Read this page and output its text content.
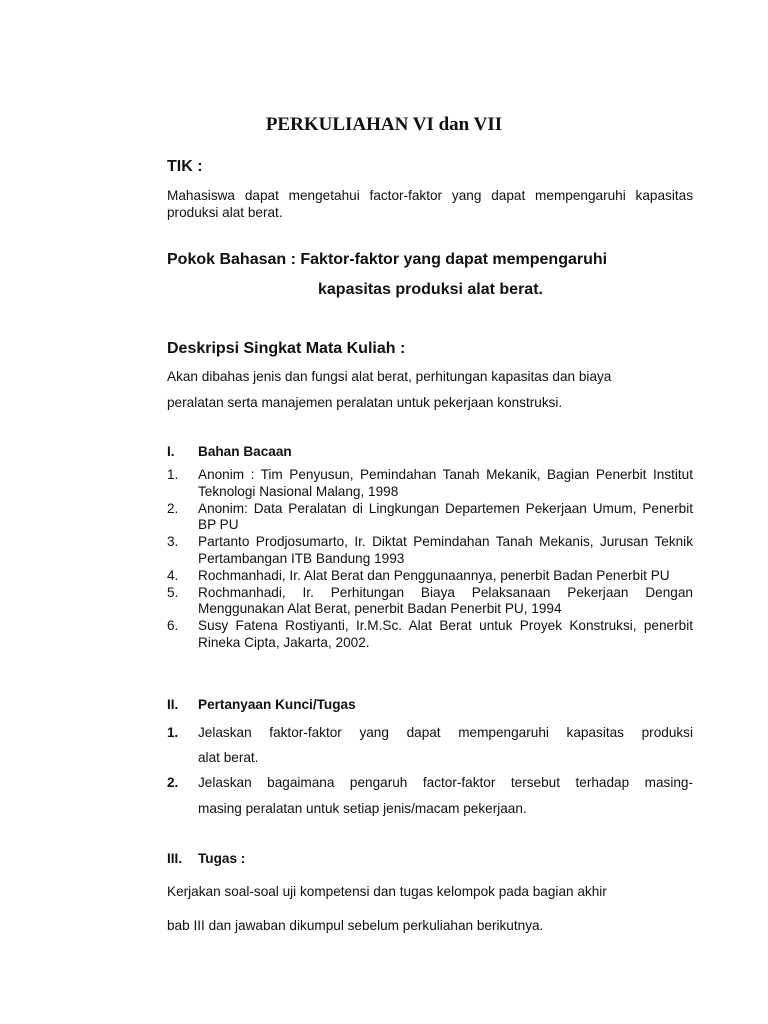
PERKULIAHAN VI dan VII
TIK :
Mahasiswa dapat mengetahui factor-faktor yang dapat mempengaruhi kapasitas produksi alat berat.
Pokok Bahasan : Faktor-faktor yang dapat mempengaruhi
kapasitas produksi alat berat.
Deskripsi Singkat Mata Kuliah :
Akan dibahas jenis dan fungsi alat berat, perhitungan kapasitas dan biaya
peralatan serta manajemen peralatan untuk pekerjaan konstruksi.
I. Bahan Bacaan
1.	Anonim : Tim Penyusun, Pemindahan Tanah Mekanik, Bagian Penerbit Institut Teknologi Nasional Malang, 1998
2.	Anonim: Data Peralatan di Lingkungan Departemen Pekerjaan Umum, Penerbit BP PU
3.	Partanto Prodjosumarto, Ir. Diktat Pemindahan Tanah Mekanis, Jurusan Teknik Pertambangan ITB Bandung 1993
4.	Rochmanhadi, Ir. Alat Berat dan Penggunaannya, penerbit Badan Penerbit PU
5.	Rochmanhadi, Ir. Perhitungan Biaya Pelaksanaan Pekerjaan Dengan Menggunakan Alat Berat, penerbit Badan Penerbit PU, 1994
6.	Susy Fatena Rostiyanti, Ir.M.Sc. Alat Berat untuk Proyek Konstruksi, penerbit Rineka Cipta, Jakarta, 2002.
II. Pertanyaan Kunci/Tugas
1. Jelaskan faktor-faktor yang dapat mempengaruhi kapasitas produksi
alat berat.
2. Jelaskan bagaimana pengaruh factor-faktor tersebut terhadap masing-
masing peralatan untuk setiap jenis/macam pekerjaan.
III. Tugas :
Kerjakan soal-soal uji kompetensi dan tugas kelompok pada bagian akhir
bab III dan jawaban dikumpul sebelum perkuliahan berikutnya.
